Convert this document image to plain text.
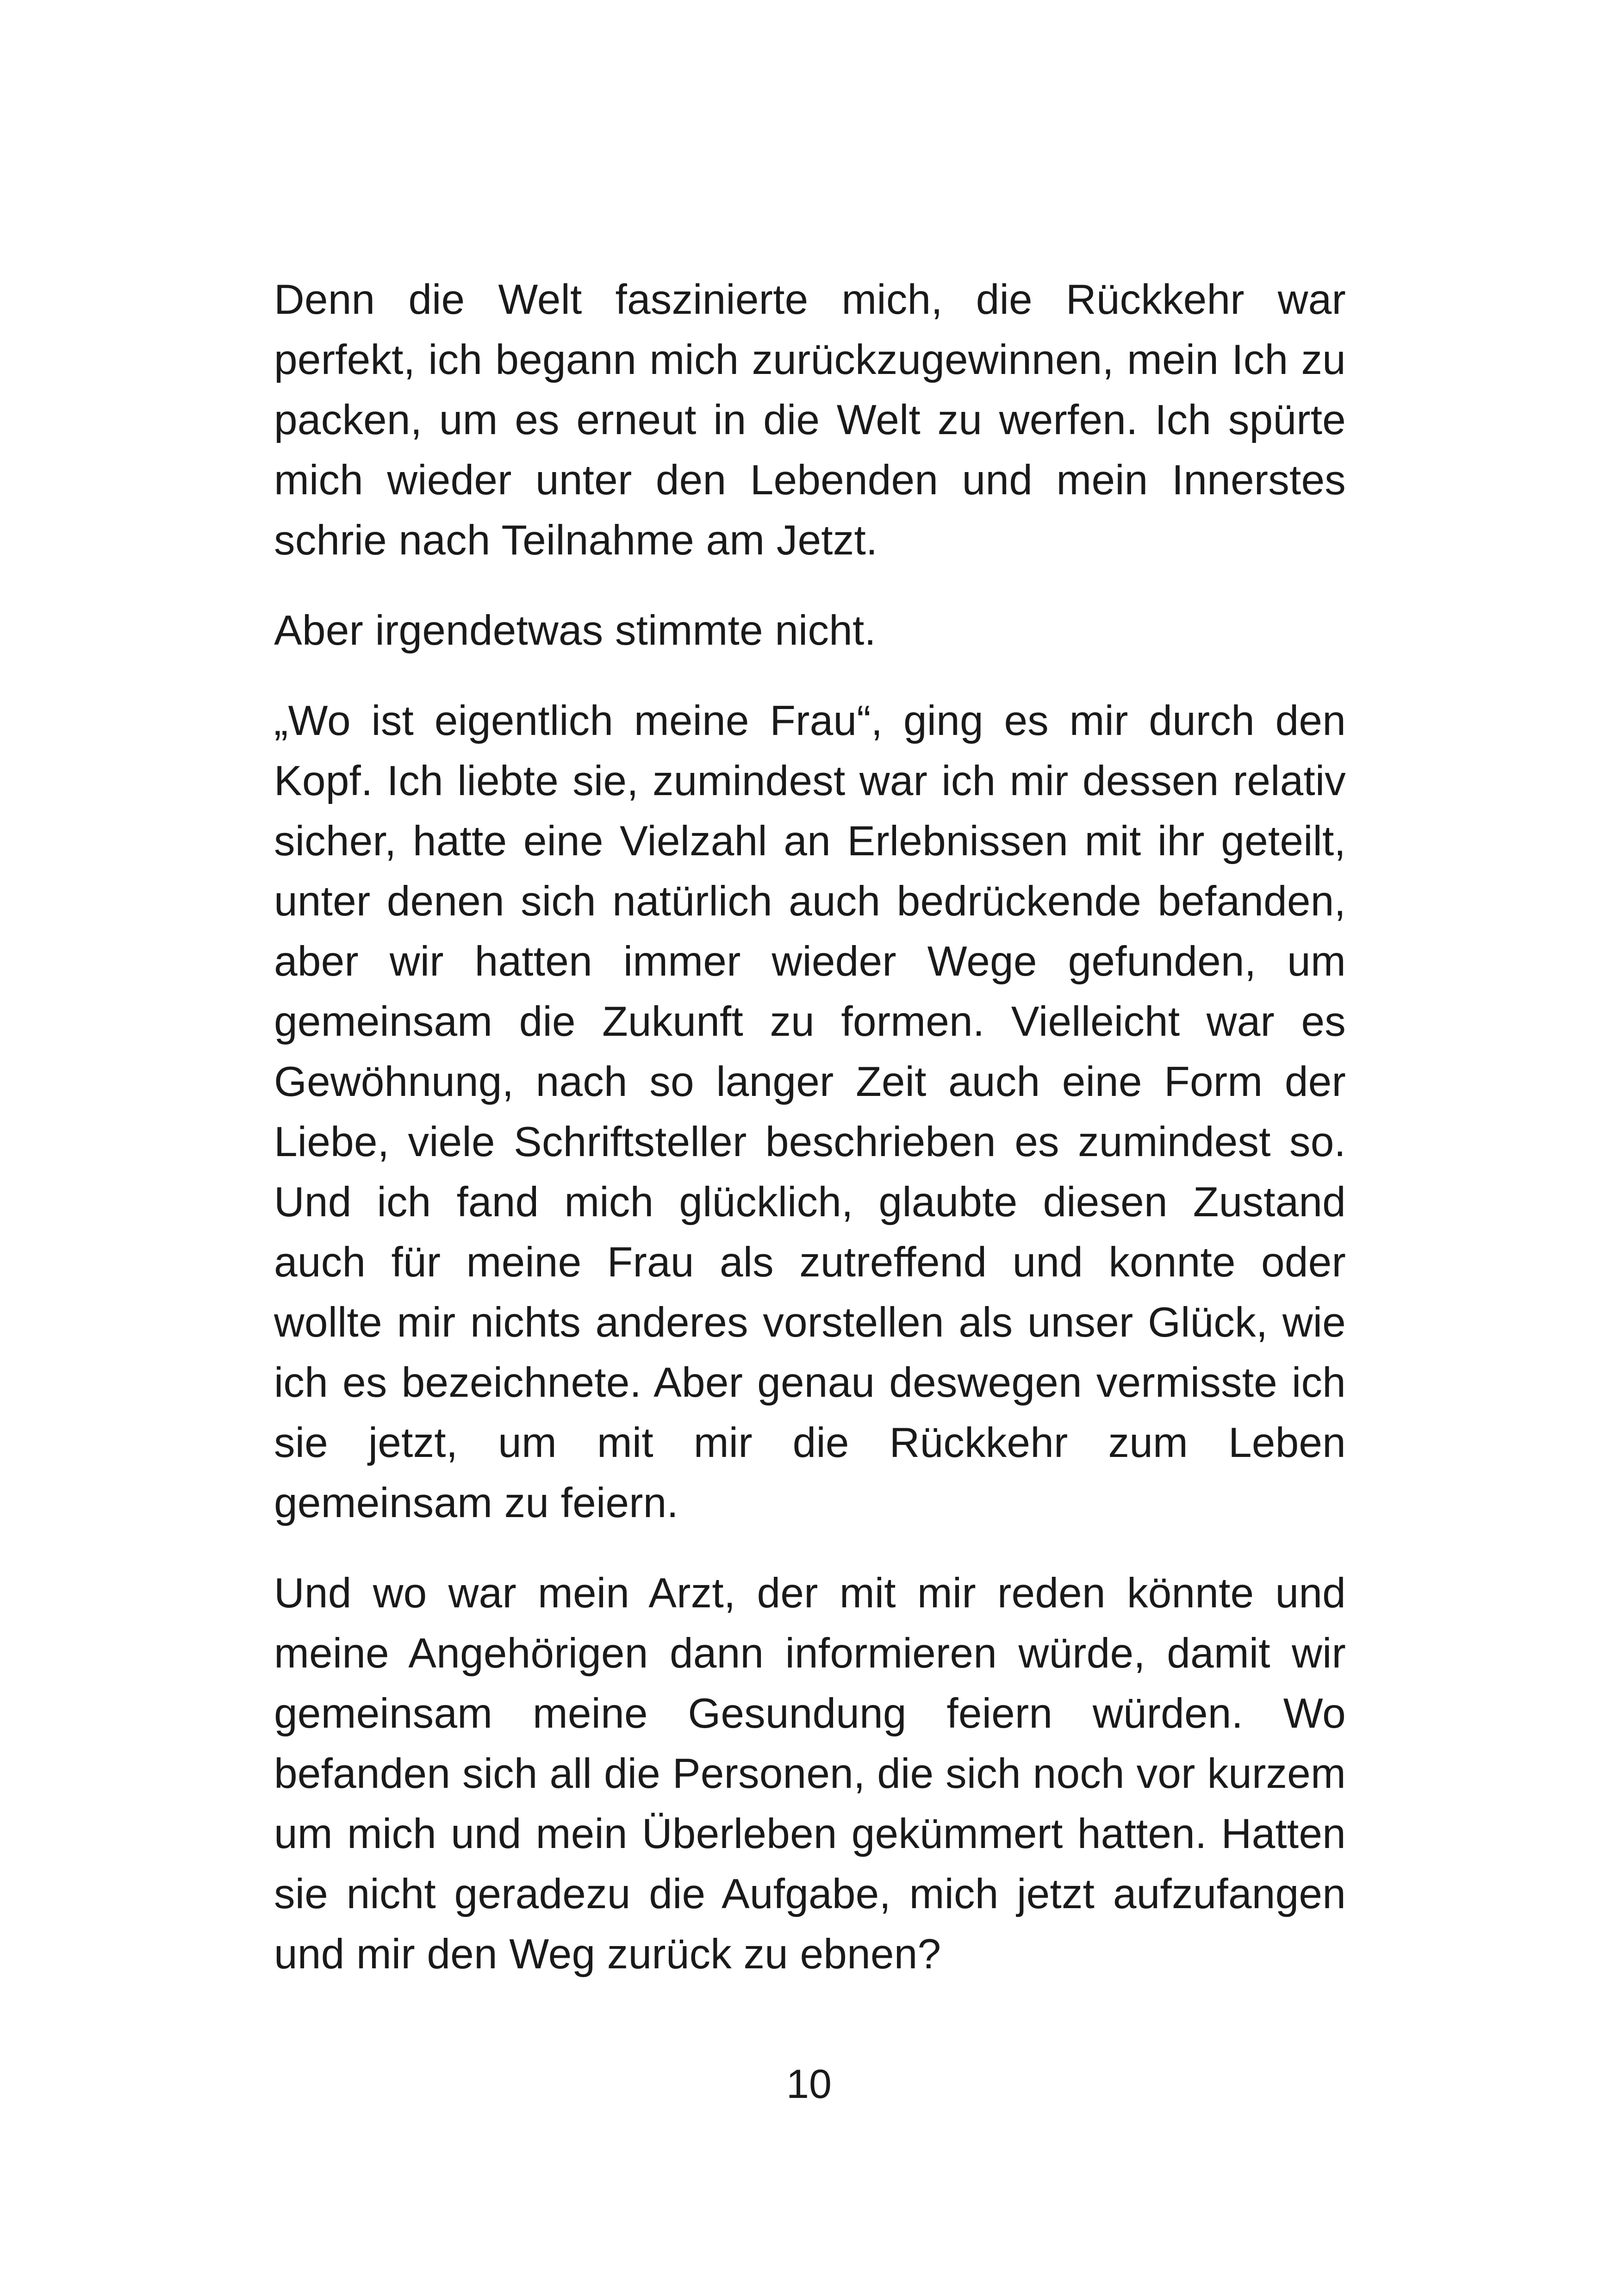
Denn die Welt faszinierte mich, die Rückkehr war perfekt, ich begann mich zurückzugewinnen, mein Ich zu packen, um es erneut in die Welt zu werfen. Ich spürte mich wieder unter den Lebenden und mein Innerstes schrie nach Teilnahme am Jetzt.

Aber irgendetwas stimmte nicht.

„Wo ist eigentlich meine Frau“, ging es mir durch den Kopf. Ich liebte sie, zumindest war ich mir dessen relativ sicher, hatte eine Vielzahl an Erlebnissen mit ihr geteilt, unter denen sich natürlich auch bedrückende befanden, aber wir hatten immer wieder Wege gefunden, um gemeinsam die Zukunft zu formen. Vielleicht war es Gewöhnung, nach so langer Zeit auch eine Form der Liebe, viele Schriftsteller beschrieben es zumindest so. Und ich fand mich glücklich, glaubte diesen Zustand auch für meine Frau als zutreffend und konnte oder wollte mir nichts anderes vorstellen als unser Glück, wie ich es bezeichnete. Aber genau deswegen vermisste ich sie jetzt, um mit mir die Rückkehr zum Leben gemeinsam zu feiern.

Und wo war mein Arzt, der mit mir reden könnte und meine Angehörigen dann informieren würde, damit wir gemeinsam meine Gesundung feiern würden. Wo befanden sich all die Personen, die sich noch vor kurzem um mich und mein Überleben gekümmert hatten. Hatten sie nicht geradezu die Aufgabe, mich jetzt aufzufangen und mir den Weg zurück zu ebnen?

10
